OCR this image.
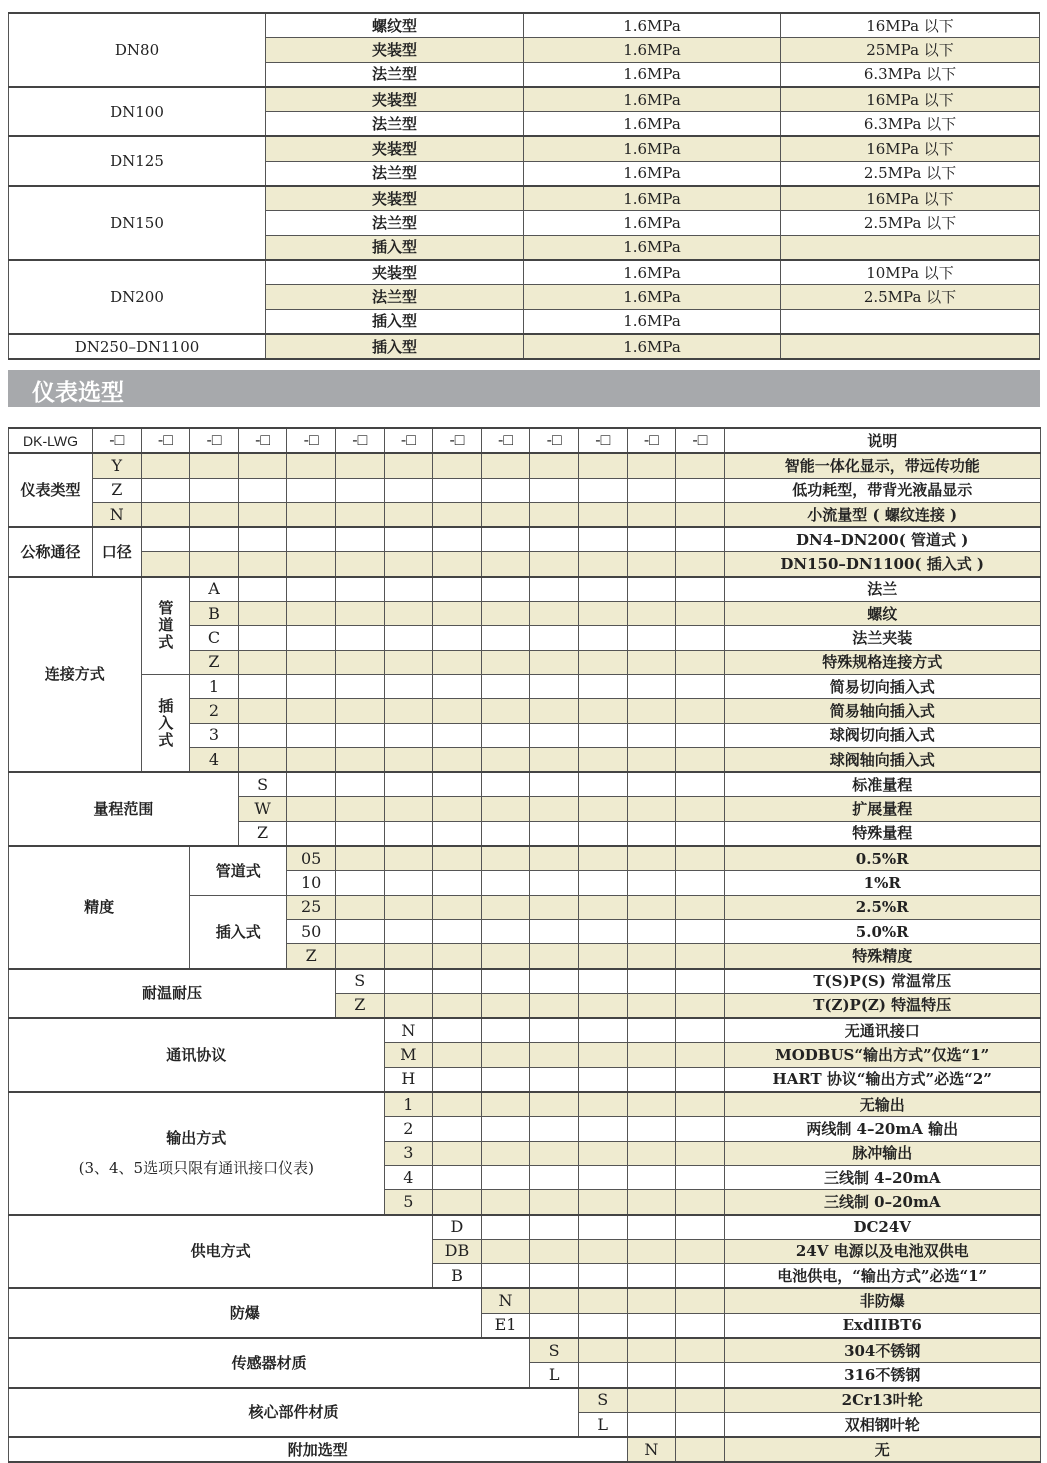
DN80	螺纹型	1.6MPa	16MPa 以下
	夹装型	1.6MPa	25MPa 以下
	法兰型	1.6MPa	6.3MPa 以下
DN100	夹装型	1.6MPa	16MPa 以下
	法兰型	1.6MPa	6.3MPa 以下
DN125	夹装型	1.6MPa	16MPa 以下
	法兰型	1.6MPa	2.5MPa 以下
DN150	夹装型	1.6MPa	16MPa 以下
	法兰型	1.6MPa	2.5MPa 以下
	插入型	1.6MPa	
DN200	夹装型	1.6MPa	10MPa 以下
	法兰型	1.6MPa	2.5MPa 以下
	插入型	1.6MPa	
DN250–DN1100	插入型	1.6MPa	
仪表选型
DK-LWG	-□	-□	-□	-□	-□	-□	-□	-□	-□	-□	-□	-□	-□	说明
仪表类型	Y													智能一体化显示，带远传功能
	Z													低功耗型，带背光液晶显示
	N													小流量型 ( 螺纹连接 )
公称通径	口径													DN4–DN200( 管道式 )
														DN150–DN1100( 插入式 )
连接方式		管道式	A											法兰
			B											螺纹
			C											法兰夹装
			Z											特殊规格连接方式
		插入式	1											简易切向插入式
			2											简易轴向插入式
			3											球阀切向插入式
			4											球阀轴向插入式
量程范围				S										标准量程
				W										扩展量程
				Z										特殊量程
精度			管道式		05									0.5%R
					10									1%R
			插入式		25									2.5%R
					50									5.0%R
					Z									特殊精度
耐温耐压						S								T(S)P(S) 常温常压
						Z								T(Z)P(Z) 特温特压
通讯协议							N							无通讯接口
							M							MODBUS“输出方式”仅选“1”
							H							HART 协议“输出方式”必选“2”
输出方式
(3、4、5选项只限有通讯接口仪表)							1							无输出
							2							两线制 4–20mA 输出
							3							脉冲输出
							4							三线制 4–20mA
							5							三线制 0–20mA
供电方式								D						DC24V
								DB						24V 电源以及电池双供电
								B						电池供电，“输出方式”必选“1”
防爆									N					非防爆
									E1					ExdIIBT6
传感器材质										S				304不锈钢
										L				316不锈钢
核心部件材质											S			2Cr13叶轮
											L			双相钢叶轮
附加选型												N		无
